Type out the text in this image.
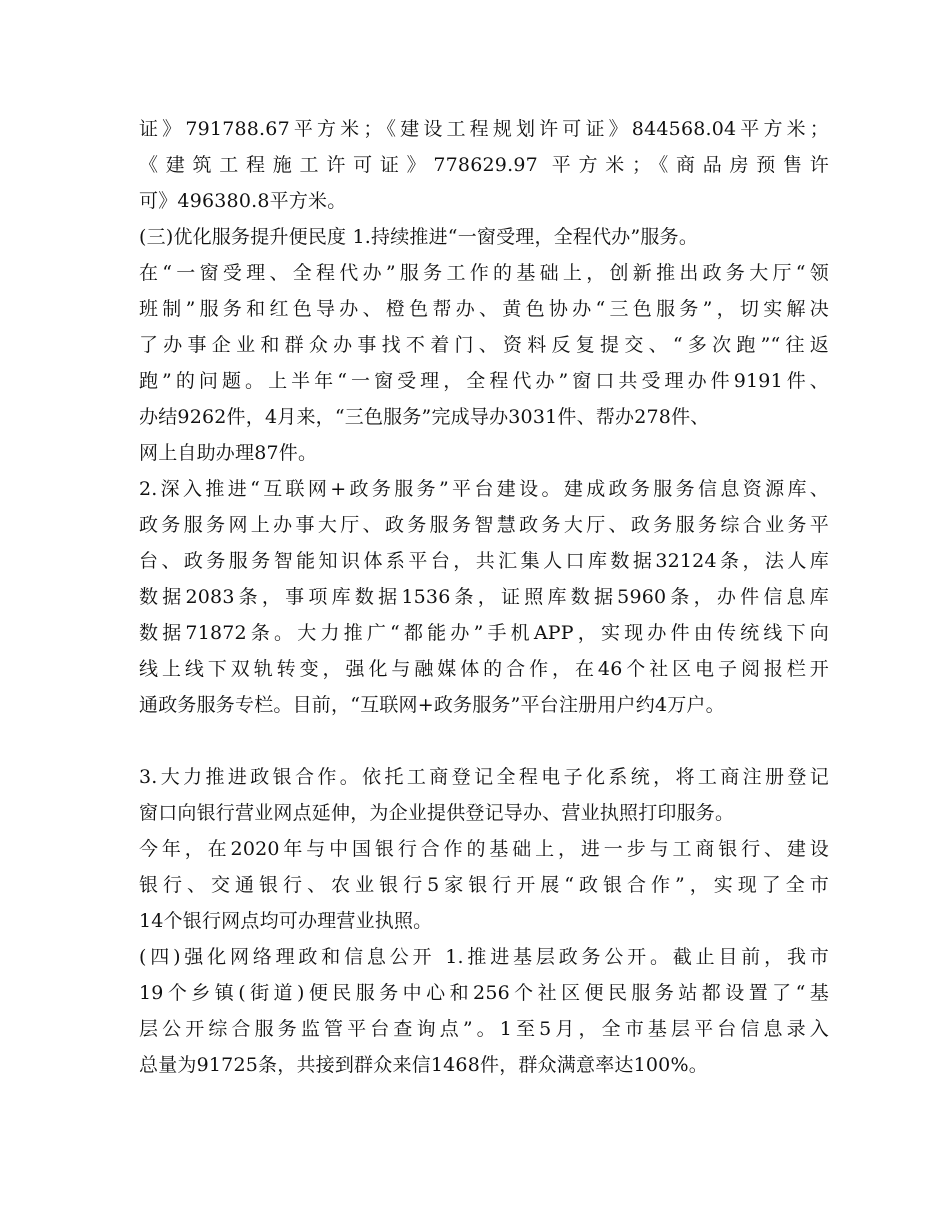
证》791788.67平方米；《建设工程规划许可证》844568.04平方米；
《建筑工程施工许可证》778629.97 平方米；《商品房预售许
可》496380.8平方米。
(三)优化服务提升便民度 1.持续推进“一窗受理，全程代办”服务。
在“一窗受理、全程代办”服务工作的基础上，创新推出政务大厅“领
班制”服务和红色导办、橙色帮办、黄色协办“三色服务”，切实解决
了办事企业和群众办事找不着门、资料反复提交、“多次跑”“往返
跑”的问题。上半年“一窗受理，全程代办”窗口共受理办件9191件、
办结9262件，4月来，“三色服务”完成导办3031件、帮办278件、
网上自助办理87件。
2.深入推进“互联网+政务服务”平台建设。建成政务服务信息资源库、
政务服务网上办事大厅、政务服务智慧政务大厅、政务服务综合业务平
台、政务服务智能知识体系平台，共汇集人口库数据32124条，法人库
数据2083条，事项库数据1536条，证照库数据5960条，办件信息库
数据71872条。大力推广“都能办”手机APP，实现办件由传统线下向
线上线下双轨转变，强化与融媒体的合作，在46个社区电子阅报栏开
通政务服务专栏。目前，“互联网+政务服务”平台注册用户约4万户。
3.大力推进政银合作。依托工商登记全程电子化系统，将工商注册登记
窗口向银行营业网点延伸，为企业提供登记导办、营业执照打印服务。
今年，在2020年与中国银行合作的基础上，进一步与工商银行、建设
银行、交通银行、农业银行5家银行开展“政银合作”，实现了全市
14个银行网点均可办理营业执照。
(四)强化网络理政和信息公开 1.推进基层政务公开。截止目前，我市
19个乡镇(街道)便民服务中心和256个社区便民服务站都设置了“基
层公开综合服务监管平台查询点”。1至5月，全市基层平台信息录入
总量为91725条，共接到群众来信1468件，群众满意率达100%。
